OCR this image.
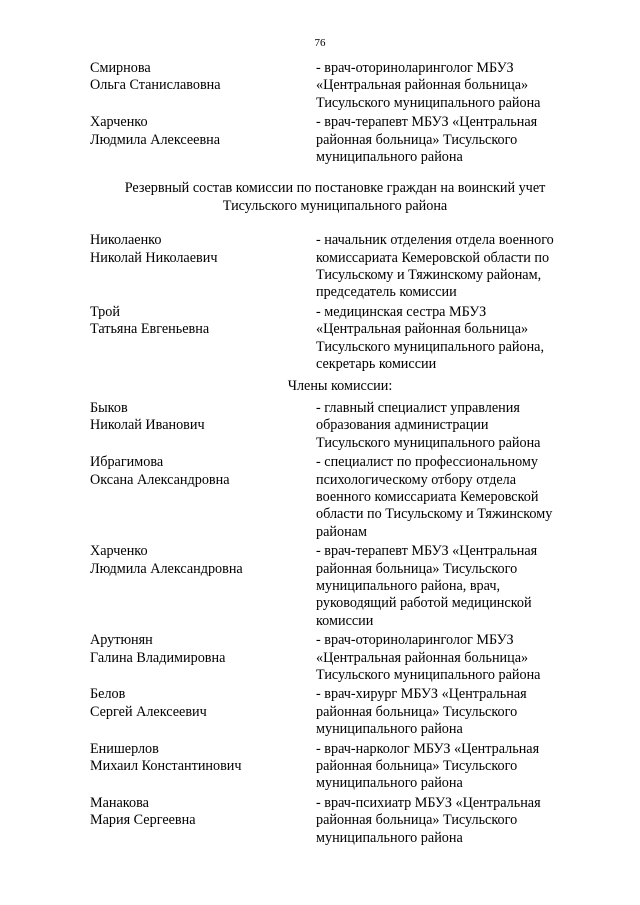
76
Смирнова
Ольга Станиславовна
- врач-оториноларинголог МБУЗ
«Центральная районная больница»
Тисульского муниципального района
Харченко
Людмила Алексеевна
- врач-терапевт МБУЗ «Центральная
районная больница» Тисульского
муниципального района
Резервный состав комиссии по постановке граждан на воинский учет
Тисульского муниципального района
Николаенко
Николай Николаевич
- начальник отделения отдела военного
комиссариата Кемеровской области по
Тисульскому и Тяжинскому районам,
председатель комиссии
Трой
Татьяна Евгеньевна
- медицинская сестра МБУЗ
«Центральная районная больница»
Тисульского муниципального района,
секретарь комиссии
Члены комиссии:
Быков
Николай Иванович
- главный специалист управления
образования администрации
Тисульского муниципального района
Ибрагимова
Оксана Александровна
- специалист по профессиональному
психологическому отбору отдела
военного комиссариата Кемеровской
области по Тисульскому и Тяжинскому
районам
Харченко
Людмила Александровна
- врач-терапевт МБУЗ «Центральная
районная больница» Тисульского
муниципального района, врач,
руководящий работой медицинской
комиссии
Арутюнян
Галина Владимировна
- врач-оториноларинголог МБУЗ
«Центральная районная больница»
Тисульского муниципального района
Белов
Сергей Алексеевич
- врач-хирург МБУЗ «Центральная
районная больница» Тисульского
муниципального района
Енишерлов
Михаил Константинович
- врач-нарколог МБУЗ «Центральная
районная больница» Тисульского
муниципального района
Манакова
Мария Сергеевна
- врач-психиатр МБУЗ «Центральная
районная больница» Тисульского
муниципального района
